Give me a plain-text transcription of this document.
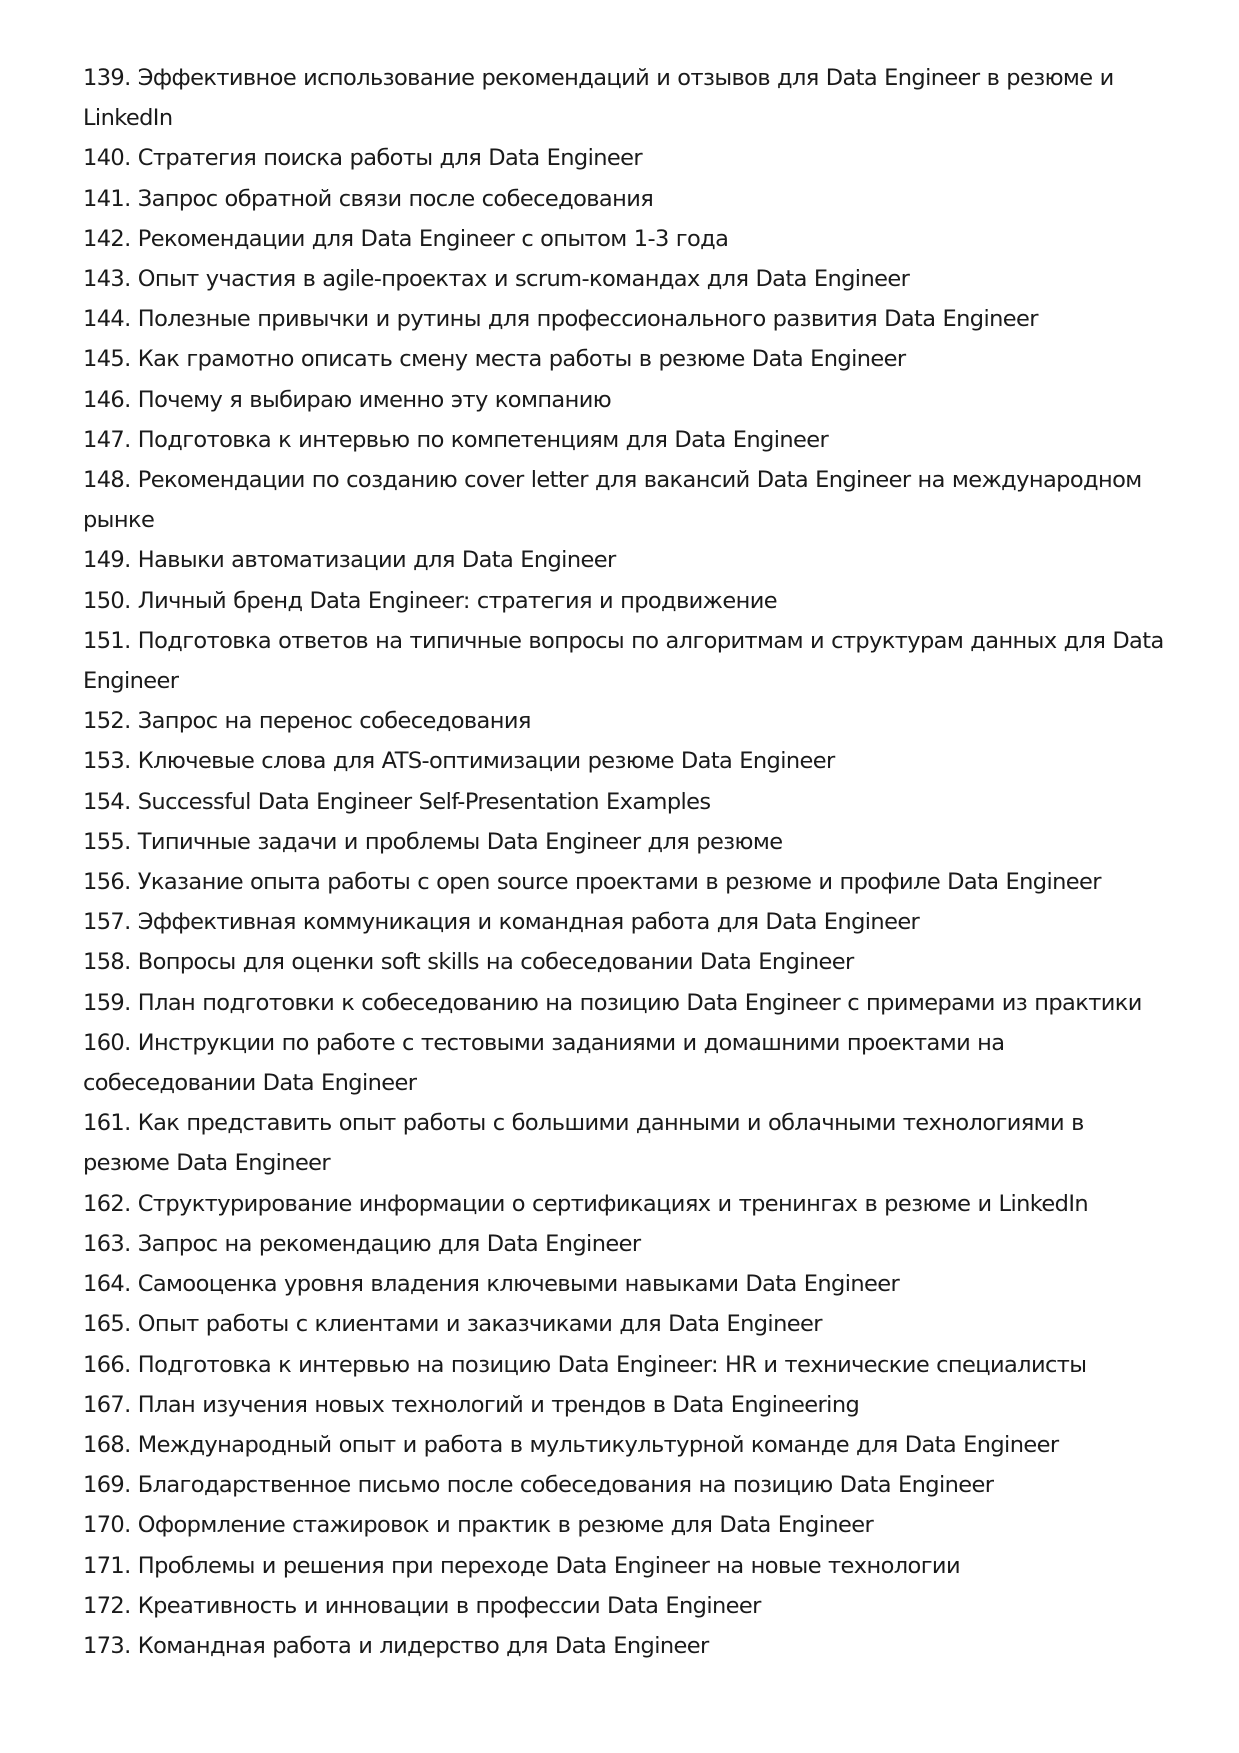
139. Эффективное использование рекомендаций и отзывов для Data Engineer в резюме и LinkedIn

140. Стратегия поиска работы для Data Engineer

141. Запрос обратной связи после собеседования

142. Рекомендации для Data Engineer с опытом 1-3 года

143. Опыт участия в agile-проектах и scrum-командах для Data Engineer

144. Полезные привычки и рутины для профессионального развития Data Engineer

145. Как грамотно описать смену места работы в резюме Data Engineer

146. Почему я выбираю именно эту компанию

147. Подготовка к интервью по компетенциям для Data Engineer

148. Рекомендации по созданию cover letter для вакансий Data Engineer на международном рынке

149. Навыки автоматизации для Data Engineer

150. Личный бренд Data Engineer: стратегия и продвижение

151. Подготовка ответов на типичные вопросы по алгоритмам и структурам данных для Data Engineer

152. Запрос на перенос собеседования

153. Ключевые слова для ATS-оптимизации резюме Data Engineer

154. Successful Data Engineer Self-Presentation Examples

155. Типичные задачи и проблемы Data Engineer для резюме

156. Указание опыта работы с open source проектами в резюме и профиле Data Engineer

157. Эффективная коммуникация и командная работа для Data Engineer

158. Вопросы для оценки soft skills на собеседовании Data Engineer

159. План подготовки к собеседованию на позицию Data Engineer с примерами из практики

160. Инструкции по работе с тестовыми заданиями и домашними проектами на собеседовании Data Engineer

161. Как представить опыт работы с большими данными и облачными технологиями в резюме Data Engineer

162. Структурирование информации о сертификациях и тренингах в резюме и LinkedIn

163. Запрос на рекомендацию для Data Engineer

164. Самооценка уровня владения ключевыми навыками Data Engineer

165. Опыт работы с клиентами и заказчиками для Data Engineer

166. Подготовка к интервью на позицию Data Engineer: HR и технические специалисты

167. План изучения новых технологий и трендов в Data Engineering

168. Международный опыт и работа в мультикультурной команде для Data Engineer

169. Благодарственное письмо после собеседования на позицию Data Engineer

170. Оформление стажировок и практик в резюме для Data Engineer

171. Проблемы и решения при переходе Data Engineer на новые технологии

172. Креативность и инновации в профессии Data Engineer

173. Командная работа и лидерство для Data Engineer
